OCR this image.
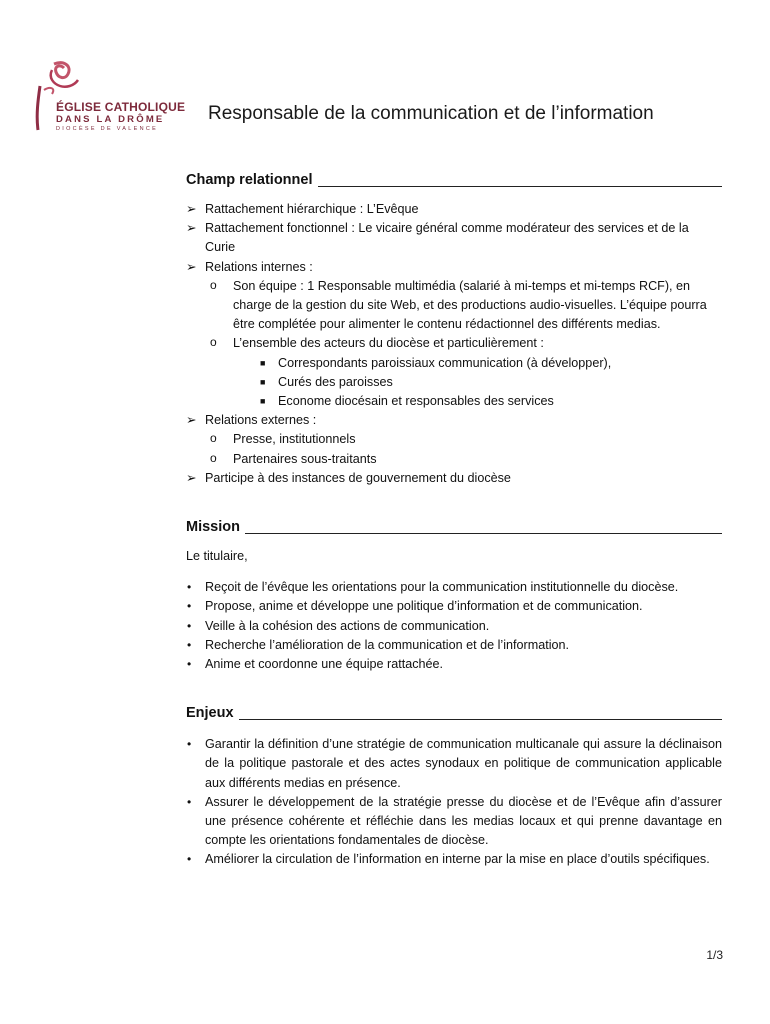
ÉGLISE CATHOLIQUE
DANS LA DRÔME
DIOCÈSE DE VALENCE
Responsable de la communication et de l’information
Champ relationnel
➢ Rattachement hiérarchique : L’Evêque
➢ Rattachement fonctionnel : Le vicaire général comme modérateur des services et de la Curie
➢ Relations internes :
o Son équipe : 1 Responsable multimédia (salarié à mi-temps et mi-temps RCF), en charge de la gestion du site Web, et des productions audio-visuelles. L’équipe pourra être complétée pour alimenter le contenu rédactionnel des différents medias.
o L’ensemble des acteurs du diocèse et particulièrement :
■ Correspondants paroissiaux communication (à développer),
■ Curés des paroisses
■ Econome diocésain et responsables des services
➢ Relations externes :
o Presse, institutionnels
o Partenaires sous-traitants
➢ Participe à des instances de gouvernement du diocèse
Mission
Le titulaire,
• Reçoit de l’évêque les orientations pour la communication institutionnelle du diocèse.
• Propose, anime et développe une politique d’information et de communication.
• Veille à la cohésion des actions de communication.
• Recherche l’amélioration de la communication et de l’information.
• Anime et coordonne une équipe rattachée.
Enjeux
• Garantir la définition d’une stratégie de communication multicanale qui assure la déclinaison de la politique pastorale et des actes synodaux en politique de communication applicable aux différents medias en présence.
• Assurer le développement de la stratégie presse du diocèse et de l’Evêque afin d’assurer une présence cohérente et réfléchie dans les medias locaux et qui prenne davantage en compte les orientations fondamentales de diocèse.
• Améliorer la circulation de l’information en interne par la mise en place d’outils spécifiques.
1/3
